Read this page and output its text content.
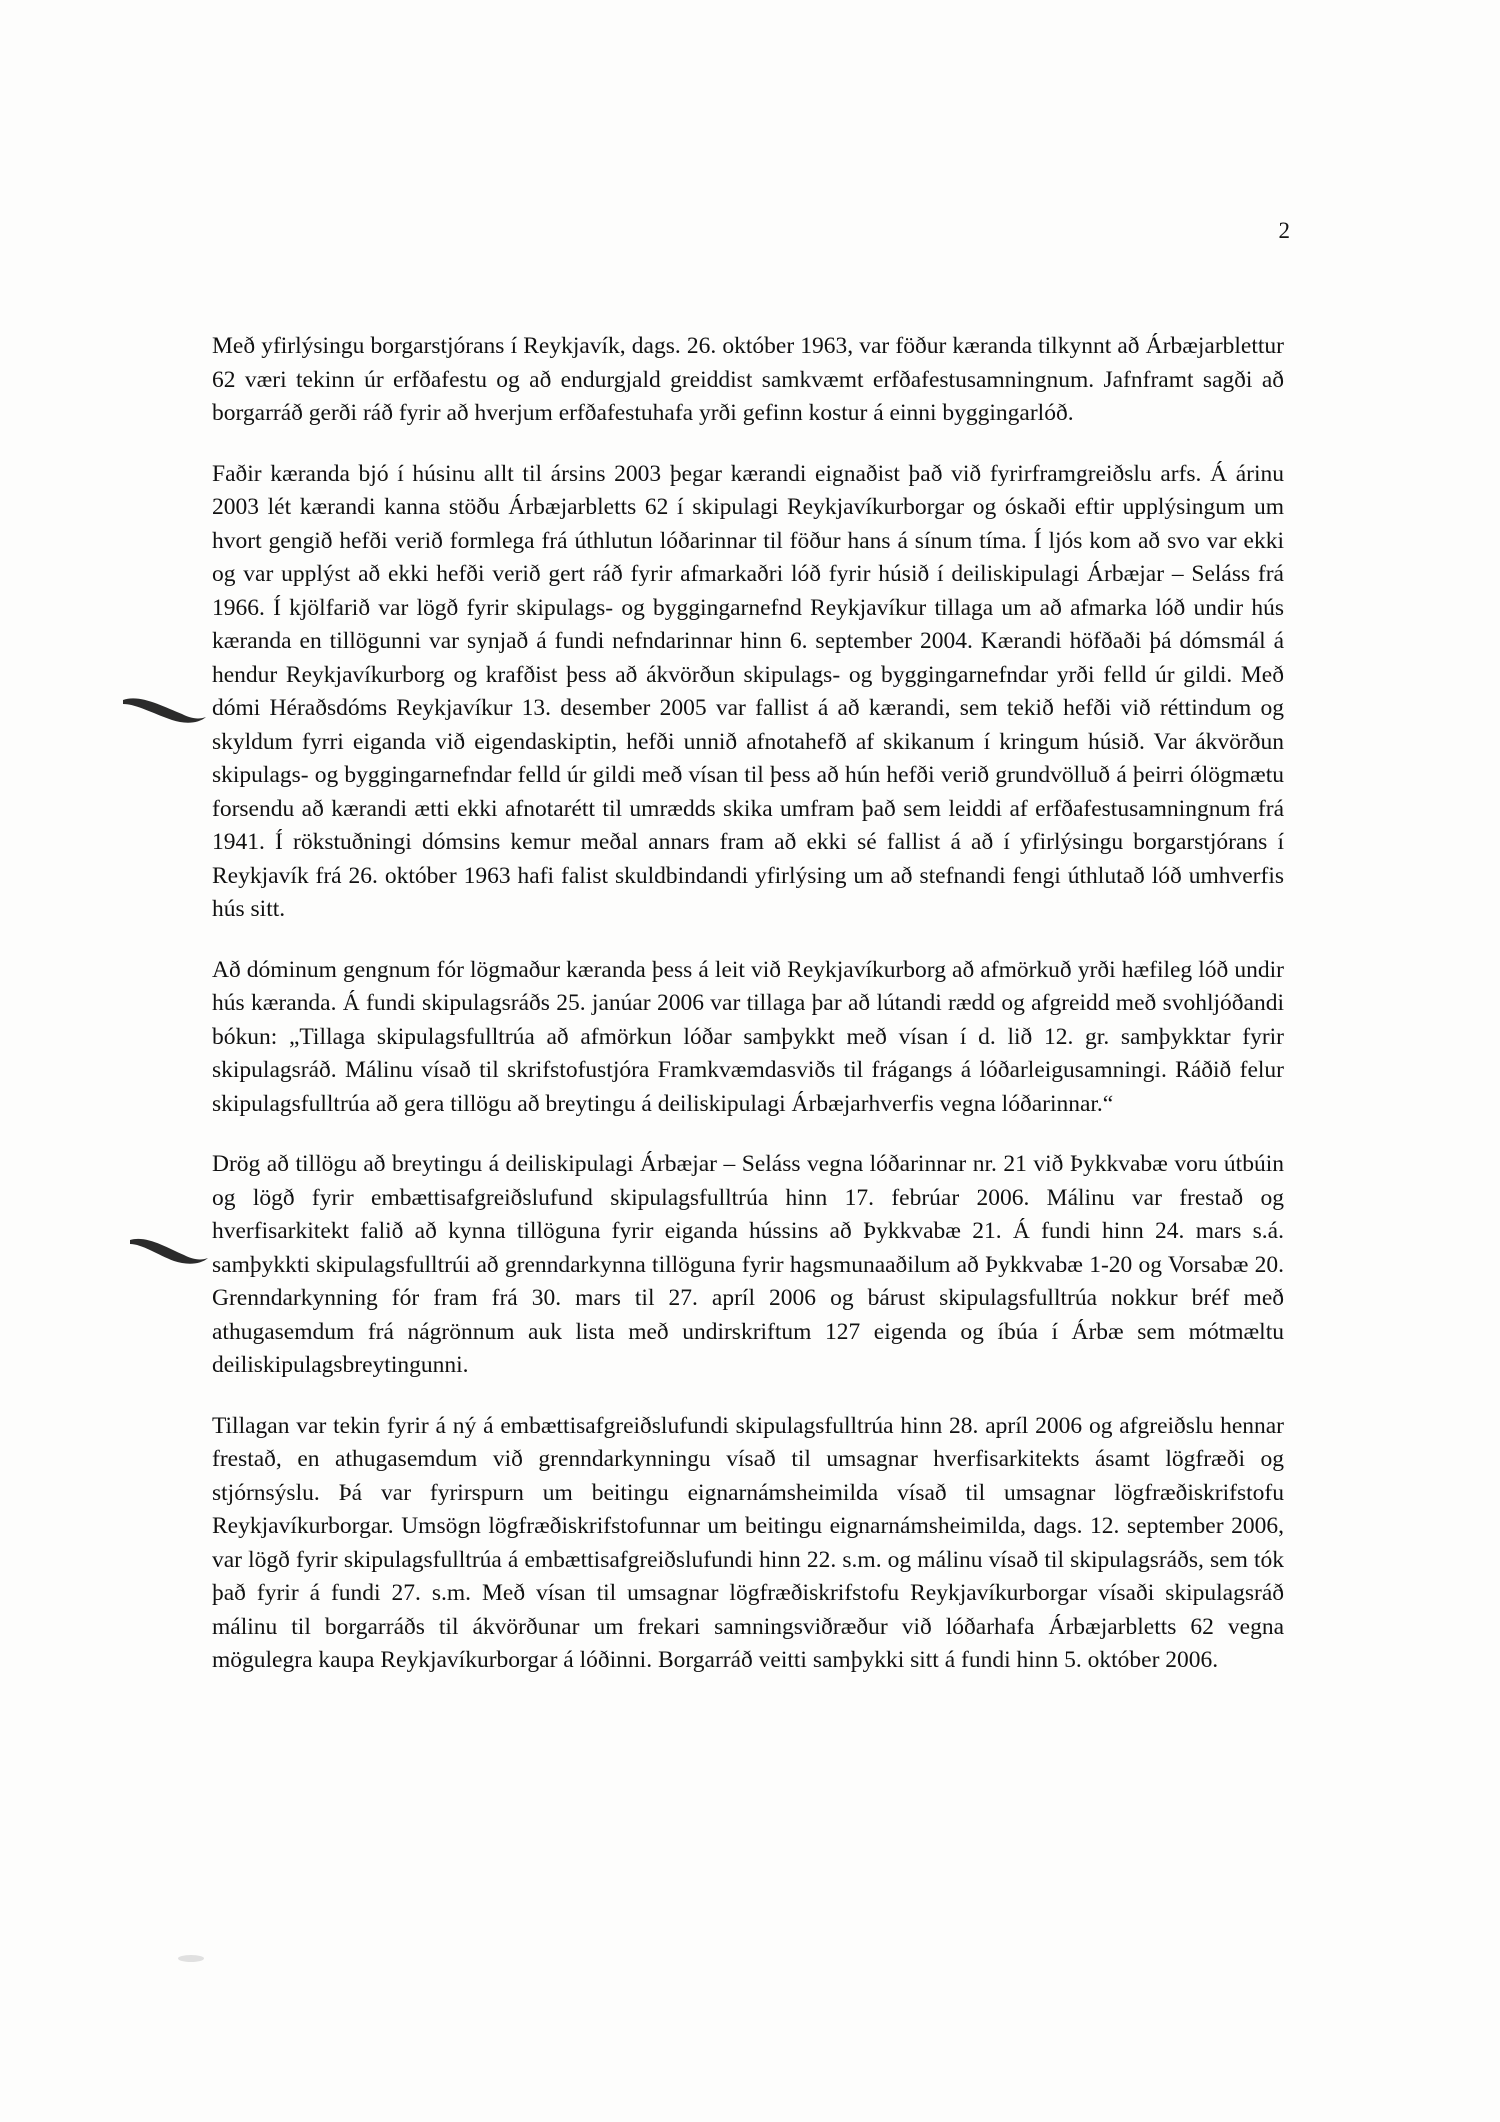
2

Með yfirlýsingu borgarstjórans í Reykjavík, dags. 26. október 1963, var föður kæranda tilkynnt að Árbæjarblettur 62 væri tekinn úr erfðafestu og að endurgjald greiddist samkvæmt erfðafestusamningnum. Jafnframt sagði að borgarráð gerði ráð fyrir að hverjum erfðafestuhafa yrði gefinn kostur á einni byggingarlóð.

Faðir kæranda bjó í húsinu allt til ársins 2003 þegar kærandi eignaðist það við fyrirframgreiðslu arfs. Á árinu 2003 lét kærandi kanna stöðu Árbæjarbletts 62 í skipulagi Reykjavíkurborgar og óskaði eftir upplýsingum um hvort gengið hefði verið formlega frá úthlutun lóðarinnar til föður hans á sínum tíma. Í ljós kom að svo var ekki og var upplýst að ekki hefði verið gert ráð fyrir afmarkaðri lóð fyrir húsið í deiliskipulagi Árbæjar – Seláss frá 1966. Í kjölfarið var lögð fyrir skipulags- og byggingarnefnd Reykjavíkur tillaga um að afmarka lóð undir hús kæranda en tillögunni var synjað á fundi nefndarinnar hinn 6. september 2004. Kærandi höfðaði þá dómsmál á hendur Reykjavíkurborg og krafðist þess að ákvörðun skipulags- og byggingarnefndar yrði felld úr gildi. Með dómi Héraðsdóms Reykjavíkur 13. desember 2005 var fallist á að kærandi, sem tekið hefði við réttindum og skyldum fyrri eiganda við eigendaskiptin, hefði unnið afnotahefð af skikanum í kringum húsið. Var ákvörðun skipulags- og byggingarnefndar felld úr gildi með vísan til þess að hún hefði verið grundvölluð á þeirri ólögmætu forsendu að kærandi ætti ekki afnotarétt til umrædds skika umfram það sem leiddi af erfðafestusamningnum frá 1941. Í rökstuðningi dómsins kemur meðal annars fram að ekki sé fallist á að í yfirlýsingu borgarstjórans í Reykjavík frá 26. október 1963 hafi falist skuldbindandi yfirlýsing um að stefnandi fengi úthlutað lóð umhverfis hús sitt.

Að dóminum gengnum fór lögmaður kæranda þess á leit við Reykjavíkurborg að afmörkuð yrði hæfileg lóð undir hús kæranda. Á fundi skipulagsráðs 25. janúar 2006 var tillaga þar að lútandi rædd og afgreidd með svohljóðandi bókun: „Tillaga skipulagsfulltrúa að afmörkun lóðar samþykkt með vísan í d. lið 12. gr. samþykktar fyrir skipulagsráð. Málinu vísað til skrifstofustjóra Framkvæmdasviðs til frágangs á lóðarleigusamningi. Ráðið felur skipulagsfulltrúa að gera tillögu að breytingu á deiliskipulagi Árbæjarhverfis vegna lóðarinnar.“

Drög að tillögu að breytingu á deiliskipulagi Árbæjar – Seláss vegna lóðarinnar nr. 21 við Þykkvabæ voru útbúin og lögð fyrir embættisafgreiðslufund skipulagsfulltrúa hinn 17. febrúar 2006. Málinu var frestað og hverfisarkitekt falið að kynna tillöguna fyrir eiganda hússins að Þykkvabæ 21. Á fundi hinn 24. mars s.á. samþykkti skipulagsfulltrúi að grenndarkynna tillöguna fyrir hagsmunaaðilum að Þykkvabæ 1-20 og Vorsabæ 20. Grenndarkynning fór fram frá 30. mars til 27. apríl 2006 og bárust skipulagsfulltrúa nokkur bréf með athugasemdum frá nágrönnum auk lista með undirskriftum 127 eigenda og íbúa í Árbæ sem mótmæltu deiliskipulagsbreytingunni.

Tillagan var tekin fyrir á ný á embættisafgreiðslufundi skipulagsfulltrúa hinn 28. apríl 2006 og afgreiðslu hennar frestað, en athugasemdum við grenndarkynningu vísað til umsagnar hverfisarkitekts ásamt lögfræði og stjórnsýslu. Þá var fyrirspurn um beitingu eignarnámsheimilda vísað til umsagnar lögfræðiskrifstofu Reykjavíkurborgar. Umsögn lögfræðiskrifstofunnar um beitingu eignarnámsheimilda, dags. 12. september 2006, var lögð fyrir skipulagsfulltrúa á embættisafgreiðslufundi hinn 22. s.m. og málinu vísað til skipulagsráðs, sem tók það fyrir á fundi 27. s.m. Með vísan til umsagnar lögfræðiskrifstofu Reykjavíkurborgar vísaði skipulagsráð málinu til borgarráðs til ákvörðunar um frekari samningsviðræður við lóðarhafa Árbæjarbletts 62 vegna mögulegra kaupa Reykjavíkurborgar á lóðinni. Borgarráð veitti samþykki sitt á fundi hinn 5. október 2006.
